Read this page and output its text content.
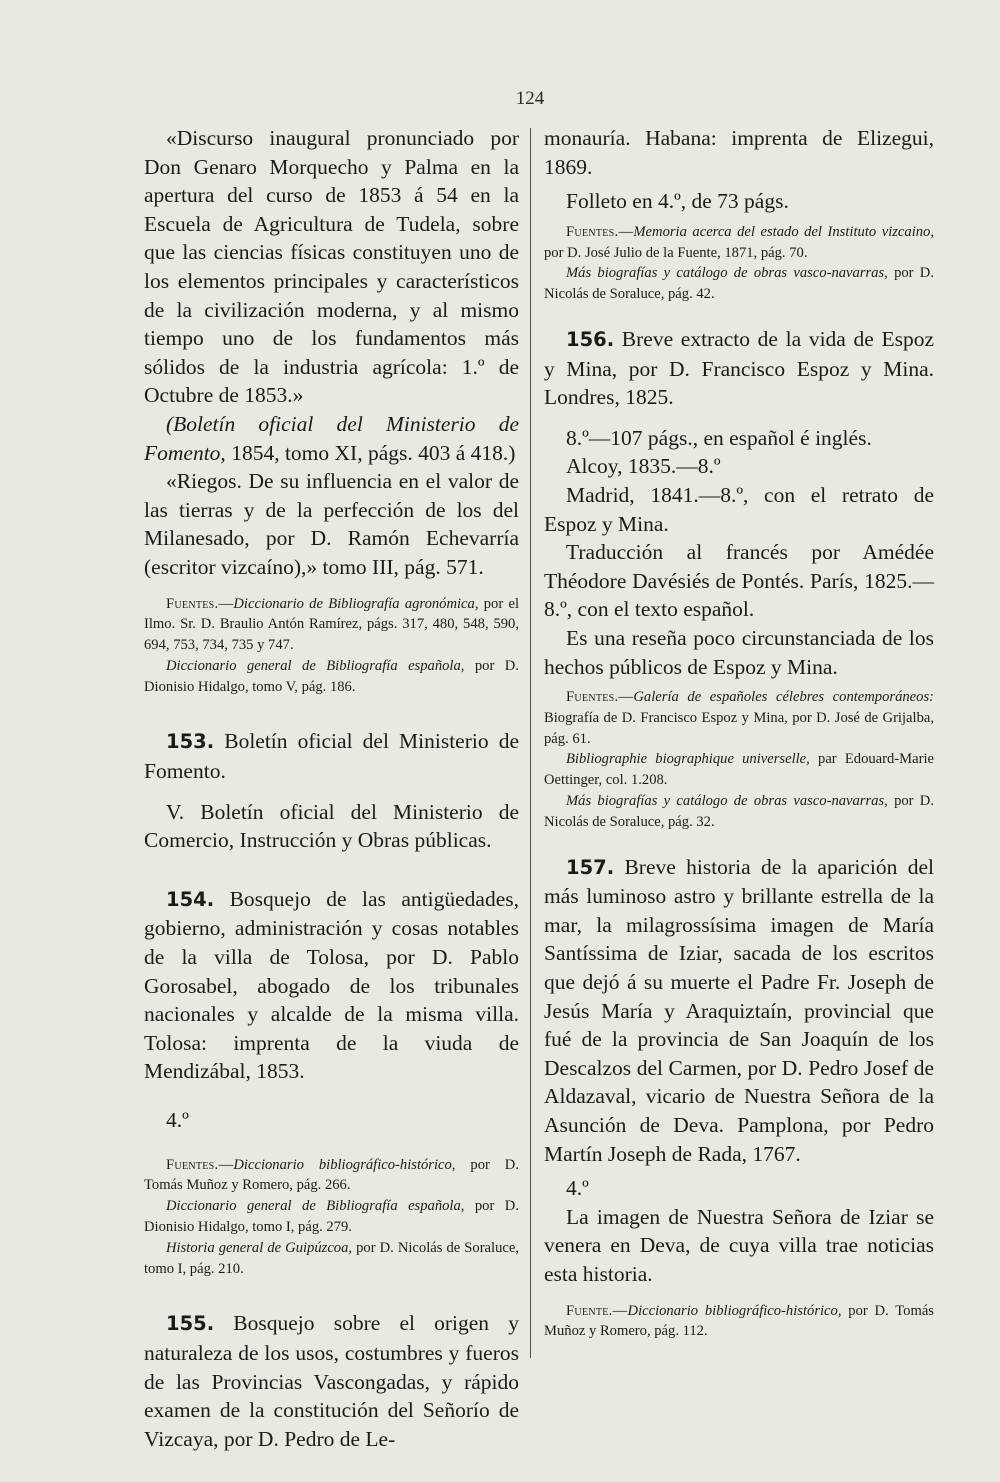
124

«Discurso inaugural pronunciado por Don Genaro Morquecho y Palma en la apertura del curso de 1853 á 54 en la Escuela de Agricultura de Tudela, sobre que las ciencias físicas constituyen uno de los elementos principales y característicos de la civilización moderna, y al mismo tiempo uno de los fundamentos más sólidos de la industria agrícola: 1.º de Octubre de 1853.»

(Boletín oficial del Ministerio de Fomento, 1854, tomo XI, págs. 403 á 418.)

«Riegos. De su influencia en el valor de las tierras y de la perfección de los del Milanesado, por D. Ramón Echevarría (escritor vizcaíno),» tomo III, pág. 571.

Fuentes.—Diccionario de Bibliografía agronómica, por el Ilmo. Sr. D. Braulio Antón Ramírez, págs. 317, 480, 548, 590, 694, 753, 734, 735 y 747.

Diccionario general de Bibliografía española, por D. Dionisio Hidalgo, tomo V, pág. 186.

153. Boletín oficial del Ministerio de Fomento.

V. Boletín oficial del Ministerio de Comercio, Instrucción y Obras públicas.

154. Bosquejo de las antigüedades, gobierno, administración y cosas notables de la villa de Tolosa, por D. Pablo Gorosabel, abogado de los tribunales nacionales y alcalde de la misma villa. Tolosa: imprenta de la viuda de Mendizábal, 1853.

4.º

Fuentes.—Diccionario bibliográfico-histórico, por D. Tomás Muñoz y Romero, pág. 266.

Diccionario general de Bibliografía española, por D. Dionisio Hidalgo, tomo I, pág. 279.

Historia general de Guipúzcoa, por D. Nicolás de Soraluce, tomo I, pág. 210.

155. Bosquejo sobre el origen y naturaleza de los usos, costumbres y fueros de las Provincias Vascongadas, y rápido examen de la constitución del Señorío de Vizcaya, por D. Pedro de Le-

monauría. Habana: imprenta de Elizegui, 1869.

Folleto en 4.º, de 73 págs.

Fuentes.—Memoria acerca del estado del Instituto vizcaino, por D. José Julio de la Fuente, 1871, pág. 70.

Más biografías y catálogo de obras vasco-navarras, por D. Nicolás de Soraluce, pág. 42.

156. Breve extracto de la vida de Espoz y Mina, por D. Francisco Espoz y Mina. Londres, 1825.

8.º—107 págs., en español é inglés.

Alcoy, 1835.—8.º

Madrid, 1841.—8.º, con el retrato de Espoz y Mina.

Traducción al francés por Amédée Théodore Davésiés de Pontés. París, 1825.—8.º, con el texto español.

Es una reseña poco circunstanciada de los hechos públicos de Espoz y Mina.

Fuentes.—Galería de españoles célebres contemporáneos: Biografía de D. Francisco Espoz y Mina, por D. José de Grijalba, pág. 61.

Bibliographie biographique universelle, par Edouard-Marie Oettinger, col. 1.208.

Más biografías y catálogo de obras vasco-navarras, por D. Nicolás de Soraluce, pág. 32.

157. Breve historia de la aparición del más luminoso astro y brillante estrella de la mar, la milagrossísima imagen de María Santíssima de Iziar, sacada de los escritos que dejó á su muerte el Padre Fr. Joseph de Jesús María y Araquiztaín, provincial que fué de la provincia de San Joaquín de los Descalzos del Carmen, por D. Pedro Josef de Aldazaval, vicario de Nuestra Señora de la Asunción de Deva. Pamplona, por Pedro Martín Joseph de Rada, 1767.

4.º

La imagen de Nuestra Señora de Iziar se venera en Deva, de cuya villa trae noticias esta historia.

Fuente.—Diccionario bibliográfico-histórico, por D. Tomás Muñoz y Romero, pág. 112.
